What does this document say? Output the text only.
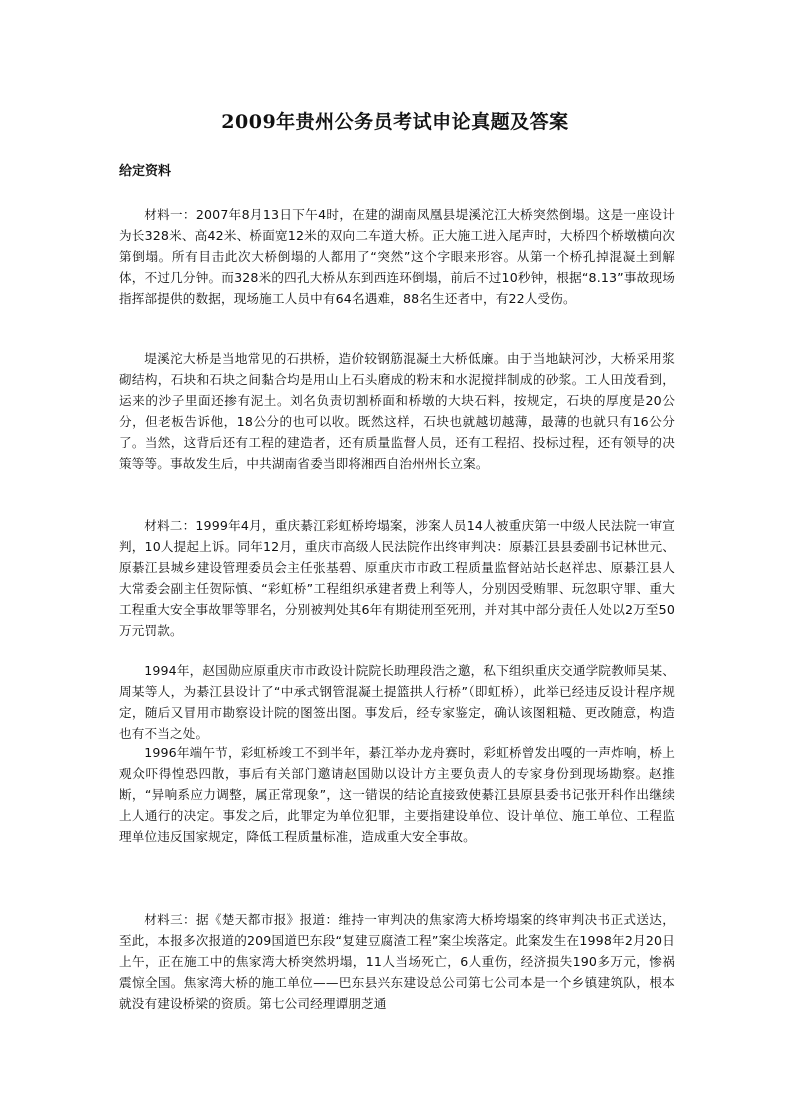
2009年贵州公务员考试申论真题及答案
给定资料

材料一：2007年8月13日下午4时，在建的湖南凤凰县堤溪沱江大桥突然倒塌。这是一座设计为长328米、高42米、桥面宽12米的双向二车道大桥。正大施工进入尾声时，大桥四个桥墩横向次第倒塌。所有目击此次大桥倒塌的人都用了“突然”这个字眼来形容。从第一个桥孔掉混凝土到解体，不过几分钟。而328米的四孔大桥从东到西连环倒塌，前后不过10秒钟，根据“8.13”事故现场指挥部提供的数据，现场施工人员中有64名遇难，88名生还者中，有22人受伤。

堤溪沱大桥是当地常见的石拱桥，造价较钢筋混凝土大桥低廉。由于当地缺河沙，大桥采用浆砌结构，石块和石块之间黏合均是用山上石头磨成的粉末和水泥搅拌制成的砂浆。工人田茂看到，运来的沙子里面还掺有泥土。刘名负责切割桥面和桥墩的大块石料，按规定，石块的厚度是20公分，但老板告诉他，18公分的也可以收。既然这样，石块也就越切越薄，最薄的也就只有16公分了。当然，这背后还有工程的建造者，还有质量监督人员，还有工程招、投标过程，还有领导的决策等等。事故发生后，中共湖南省委当即将湘西自治州州长立案。

材料二：1999年4月，重庆綦江彩虹桥垮塌案，涉案人员14人被重庆第一中级人民法院一审宣判，10人提起上诉。同年12月，重庆市高级人民法院作出终审判决：原綦江县县委副书记林世元、原綦江县城乡建设管理委员会主任张基碧、原重庆市市政工程质量监督站站长赵祥忠、原綦江县人大常委会副主任贺际慎、“彩虹桥”工程组织承建者费上利等人，分别因受贿罪、玩忽职守罪、重大工程重大安全事故罪等罪名，分别被判处其6年有期徒刑至死刑，并对其中部分责任人处以2万至50万元罚款。

1994年，赵国勋应原重庆市市政设计院院长助理段浩之邀，私下组织重庆交通学院教师吴某、周某等人，为綦江县设计了“中承式钢管混凝土提篮拱人行桥”（即虹桥），此举已经违反设计程序规定，随后又冒用市勘察设计院的图签出图。事发后，经专家鉴定，确认该图粗糙、更改随意，构造也有不当之处。

1996年端午节，彩虹桥竣工不到半年，綦江举办龙舟赛时，彩虹桥曾发出嘎的一声炸响，桥上观众吓得惶恐四散，事后有关部门邀请赵国勋以设计方主要负责人的专家身份到现场勘察。赵推断，“异响系应力调整，属正常现象”，这一错误的结论直接致使綦江县原县委书记张开科作出继续上人通行的决定。事发之后，此罪定为单位犯罪，主要指建设单位、设计单位、施工单位、工程监理单位违反国家规定，降低工程质量标准，造成重大安全事故。

材料三：据《楚天都市报》报道：维持一审判决的焦家湾大桥垮塌案的终审判决书正式送达，至此，本报多次报道的209国道巴东段“复建豆腐渣工程”案尘埃落定。此案发生在1998年2月20日上午，正在施工中的焦家湾大桥突然坍塌，11人当场死亡，6人重伤，经济损失190多万元，惨祸震惊全国。焦家湾大桥的施工单位——巴东县兴东建设总公司第七公司本是一个乡镇建筑队，根本就没有建设桥梁的资质。第七公司经理谭朋芝通
